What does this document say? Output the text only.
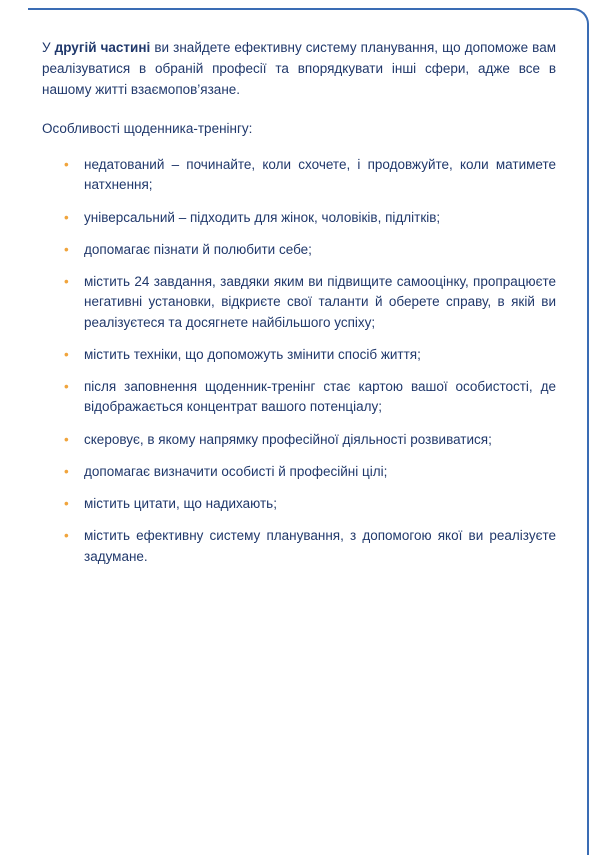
У другій частині ви знайдете ефективну систему планування, що допоможе вам реалізуватися в обраній професії та впорядкувати інші сфери, адже все в нашому житті взаємопов’язане.

Особливості щоденника-тренінгу:

•	недатований – починайте, коли схочете, і продовжуйте, коли матимете натхнення;
•	універсальний – підходить для жінок, чоловіків, підлітків;
•	допомагає пізнати й полюбити себе;
•	містить 24 завдання, завдяки яким ви підвищите самооцінку, пропрацюєте негативні установки, відкриєте свої таланти й оберете справу, в якій ви реалізуєтеся та досягнете найбільшого успіху;
•	містить техніки, що допоможуть змінити спосіб життя;
•	після заповнення щоденник-тренінг стає картою вашої особистості, де відображається концентрат вашого потенціалу;
•	скеровує, в якому напрямку професійної діяльності розвиватися;
•	допомагає визначити особисті й професійні цілі;
•	містить цитати, що надихають;
•	містить ефективну систему планування, з допомогою якої ви реалізуєте задумане.
